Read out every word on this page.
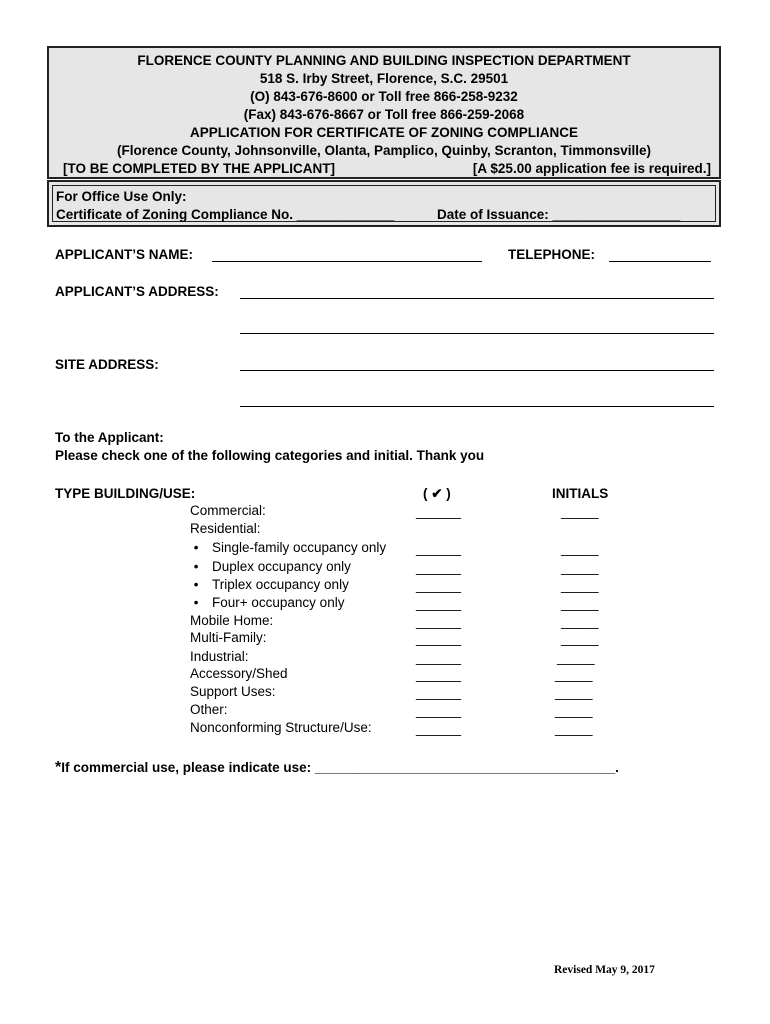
FLORENCE COUNTY PLANNING AND BUILDING INSPECTION DEPARTMENT
518 S. Irby Street, Florence, S.C. 29501
(O) 843-676-8600 or Toll free 866-258-9232
(Fax) 843-676-8667 or Toll free 866-259-2068
APPLICATION FOR CERTIFICATE OF ZONING COMPLIANCE
(Florence County, Johnsonville, Olanta, Pamplico, Quinby, Scranton, Timmonsville)
[TO BE COMPLETED BY THE APPLICANT]	[A $25.00 application fee is required.]
For Office Use Only:
Certificate of Zoning Compliance No. _____________	Date of Issuance: _________________
APPLICANT’S NAME:	TELEPHONE:
APPLICANT’S ADDRESS:
SITE ADDRESS:
To the Applicant:
Please check one of the following categories and initial. Thank you
TYPE BUILDING/USE:	( ✔ )	INITIALS
Commercial:	______	_____
Residential:
• Single-family occupancy only ______	_____
• Duplex occupancy only	______	_____
• Triplex occupancy only	______	_____
• Four+ occupancy only	______	_____
Mobile Home:	______	_____
Multi-Family:	______	_____
Industrial:	______	_____
Accessory/Shed	______	_____
Support Uses:	______	_____
Other:	______	_____
Nonconforming Structure/Use:	______	_____
*If commercial use, please indicate use: ________________________________________.
Revised May 9, 2017
